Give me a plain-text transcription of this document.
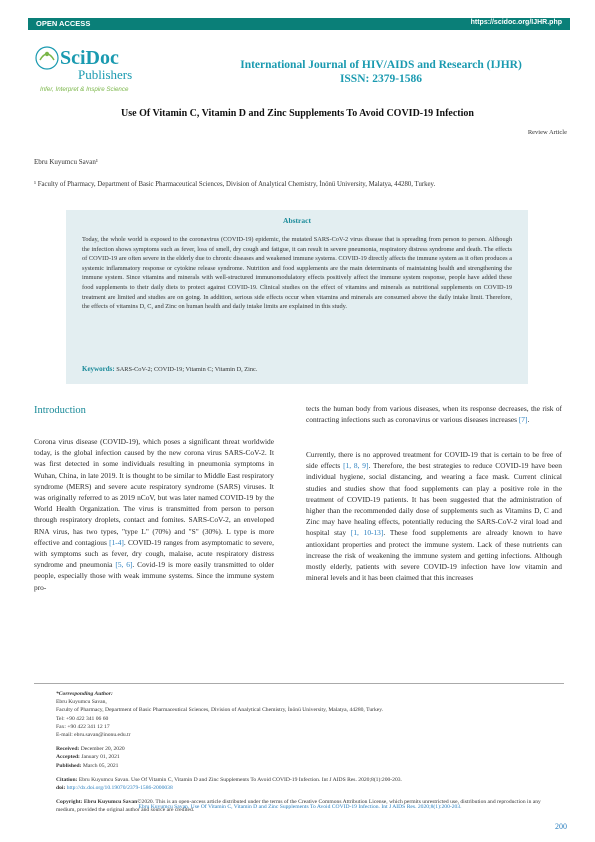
OPEN ACCESS	https://scidoc.org/IJHR.php
SciDoc
Publishers
Infer, Interpret & Inspire Science
International Journal of HIV/AIDS and Research (IJHR)
ISSN: 2379-1586
Use Of Vitamin C, Vitamin D and Zinc Supplements To Avoid COVID-19 Infection
Review Article
Ebru Kuyumcu Savan¹
¹ Faculty of Pharmacy, Department of Basic Pharmaceutical Sciences, Division of Analytical Chemistry, İnönü University, Malatya, 44280, Turkey.
Abstract
Today, the whole world is exposed to the coronavirus (COVID-19) epidemic, the mutated SARS-CoV-2 virus disease that is spreading from person to person. Although the infection shows symptoms such as fever, loss of smell, dry cough and fatigue, it can result in severe pneumonia, respiratory distress syndrome and death. The effects of COVID-19 are often severe in the elderly due to chronic diseases and weakened immune systems. COVID-19 directly affects the immune system as it often produces a systemic inflammatory response or cytokine release syndrome. Nutrition and food supplements are the main determinants of maintaining health and strengthening the immune system. Since vitamins and minerals with well-structured immunomodulatory effects positively affect the immune system response, people have added these food supplements to their daily diets to protect against COVID-19. Clinical studies on the effect of vitamins and minerals as nutritional supplements on COVID-19 treatment are limited and studies are on going. In addition, serious side effects occur when vitamins and minerals are consumed above the daily intake limit. Therefore, the effects of vitamins D, C, and Zinc on human health and daily intake limits are explained in this study.
Keywords: SARS-CoV-2; COVID-19; Vitamin C; Vitamin D, Zinc.
Introduction

Corona virus disease (COVID-19), which poses a significant threat worldwide today, is the global infection caused by the new corona virus SARS-CoV-2. It was first detected in some individuals resulting in pneumonia symptoms in Wuhan, China, in late 2019. It is thought to be similar to Middle East respiratory syndrome (MERS) and severe acute respiratory syndrome (SARS) viruses. It was originally referred to as 2019 nCoV, but was later named COVID-19 by the World Health Organization. The virus is transmitted from person to person through respiratory droplets, contact and fomites. SARS-CoV-2, an enveloped RNA virus, has two types, "type L" (70%) and "S" (30%). L type is more effective and contagious [1-4]. COVID-19 ranges from asymptomatic to severe, with symptoms such as fever, dry cough, malaise, acute respiratory distress syndrome and pneumonia [5, 6]. Covid-19 is more easily transmitted to older people, especially those with weak immune systems. Since the immune system pro-

tects the human body from various diseases, when its response decreases, the risk of contracting infections such as coronavirus or various diseases increases [7].

Currently, there is no approved treatment for COVID-19 that is certain to be free of side effects [1, 8, 9]. Therefore, the best strategies to reduce COVID-19 have been individual hygiene, social distancing, and wearing a face mask. Current clinical studies and studies show that food supplements can play a positive role in the treatment of COVID-19 patients. It has been suggested that the administration of higher than the recommended daily dose of supplements such as Vitamins D, C and Zinc may have healing effects, potentially reducing the SARS-CoV-2 viral load and hospital stay [1, 10-13]. These food supplements are already known to have antioxidant properties and protect the immune system. Lack of these nutrients can increase the risk of weakening the immune system and getting infections. Although mostly elderly, patients with severe COVID-19 infection have low vitamin and mineral levels and it has been claimed that this increases

*Corresponding Author:
Ebru Kuyumcu Savan,
Faculty of Pharmacy, Department of Basic Pharmaceutical Sciences, Division of Analytical Chemistry, İnönü University, Malatya, 44280, Turkey.
Tel: +90 422 341 06 60
Fax: +90 422 341 12 17
E-mail: ebru.savan@inonu.edu.tr
Received: December 20, 2020
Accepted: January 01, 2021
Published: March 05, 2021
Citation: Ebru Kuyumcu Savan. Use Of Vitamin C, Vitamin D and Zinc Supplements To Avoid COVID-19 Infection. Int J AIDS Res. 2020;8(1):200-203.
doi: http://dx.doi.org/10.19070/2379-1586-2000038
Copyright: Ebru Kuyumcu Savan©2020. This is an open-access article distributed under the terms of the Creative Commons Attribution License, which permits unrestricted use, distribution and reproduction in any medium, provided the original author and source are credited.
Ebru Kuyumcu Savan. Use Of Vitamin C, Vitamin D and Zinc Supplements To Avoid COVID-19 Infection. Int J AIDS Res. 2020;8(1):200-203.
200
